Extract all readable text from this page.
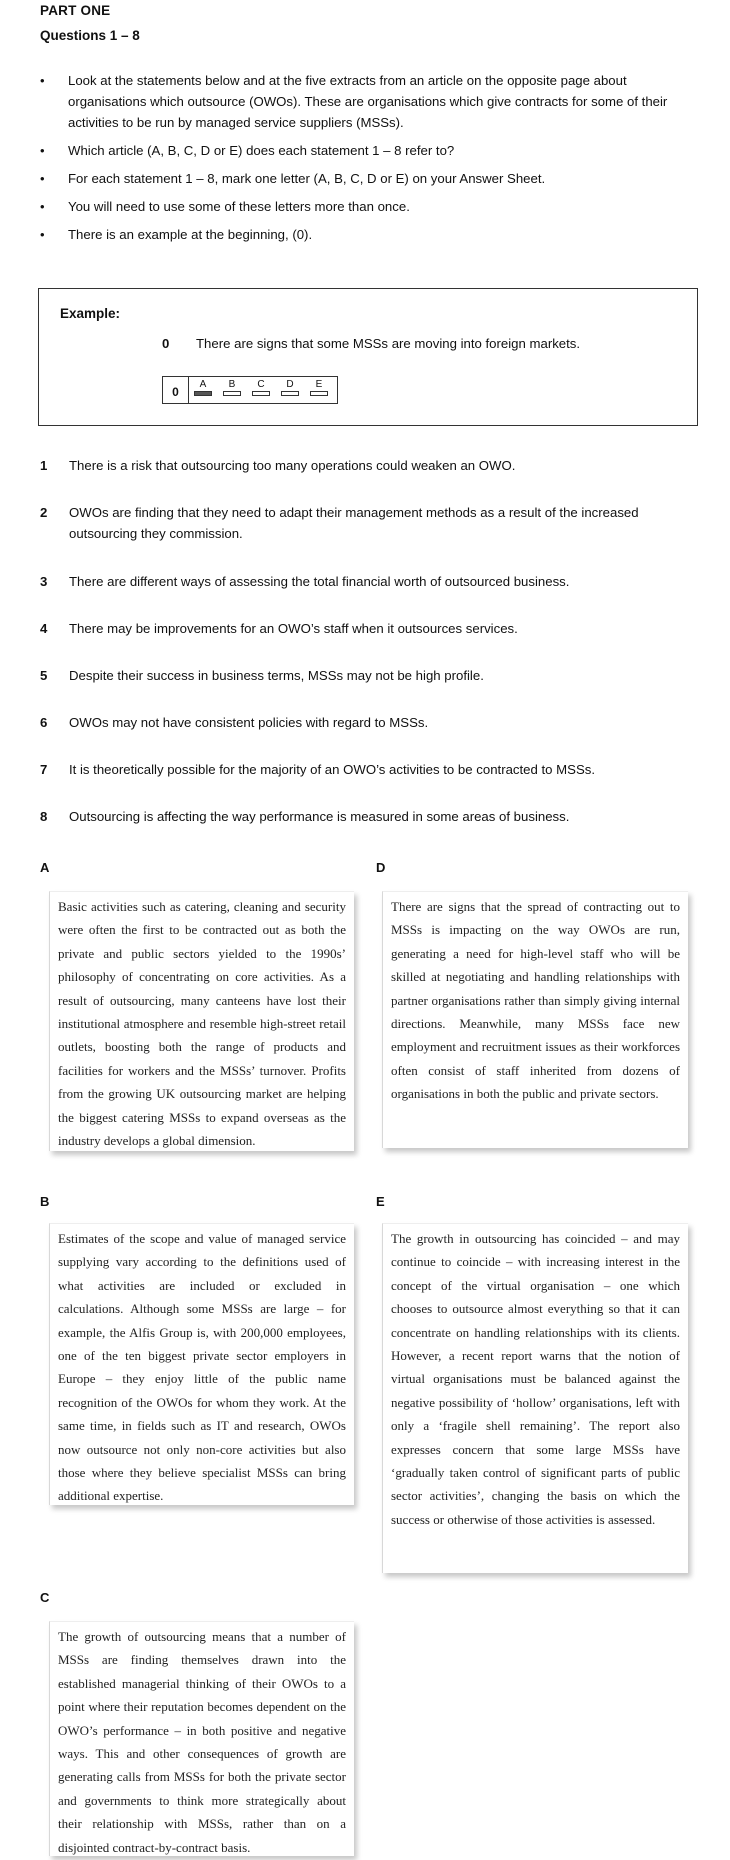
PART ONE
Questions 1 – 8
• Look at the statements below and at the five extracts from an article on the opposite page about organisations which outsource (OWOs). These are organisations which give contracts for some of their activities to be run by managed service suppliers (MSSs).
• Which article (A, B, C, D or E) does each statement 1 – 8 refer to?
• For each statement 1 – 8, mark one letter (A, B, C, D or E) on your Answer Sheet.
• You will need to use some of these letters more than once.
• There is an example at the beginning, (0).
Example:
0 There are signs that some MSSs are moving into foreign markets.
0
A	B	C	D	E
1 There is a risk that outsourcing too many operations could weaken an OWO.
2 OWOs are finding that they need to adapt their management methods as a result of the increased outsourcing they commission.
3 There are different ways of assessing the total financial worth of outsourced business.
4 There may be improvements for an OWO’s staff when it outsources services.
5 Despite their success in business terms, MSSs may not be high profile.
6 OWOs may not have consistent policies with regard to MSSs.
7 It is theoretically possible for the majority of an OWO’s activities to be contracted to MSSs.
8 Outsourcing is affecting the way performance is measured in some areas of business.
A	D
B	E
C
Basic activities such as catering, cleaning and security were often the first to be contracted out as both the private and public sectors yielded to the 1990s’ philosophy of concentrating on core activities. As a result of outsourcing, many canteens have lost their institutional atmosphere and resemble high-street retail outlets, boosting both the range of products and facilities for workers and the MSSs’ turnover. Profits from the growing UK outsourcing market are helping the biggest catering MSSs to expand overseas as the industry develops a global dimension.
There are signs that the spread of contracting out to MSSs is impacting on the way OWOs are run, generating a need for high-level staff who will be skilled at negotiating and handling relationships with partner organisations rather than simply giving internal directions. Meanwhile, many MSSs face new employment and recruitment issues as their workforces often consist of staff inherited from dozens of organisations in both the public and private sectors.
Estimates of the scope and value of managed service supplying vary according to the definitions used of what activities are included or excluded in calculations. Although some MSSs are large – for example, the Alfis Group is, with 200,000 employees, one of the ten biggest private sector employers in Europe – they enjoy little of the public name recognition of the OWOs for whom they work. At the same time, in fields such as IT and research, OWOs now outsource not only non-core activities but also those where they believe specialist MSSs can bring additional expertise.
The growth in outsourcing has coincided – and may continue to coincide – with increasing interest in the concept of the virtual organisation – one which chooses to outsource almost everything so that it can concentrate on handling relationships with its clients. However, a recent report warns that the notion of virtual organisations must be balanced against the negative possibility of ‘hollow’ organisations, left with only a ‘fragile shell remaining’. The report also expresses concern that some large MSSs have ‘gradually taken control of significant parts of public sector activities’, changing the basis on which the success or otherwise of those activities is assessed.
The growth of outsourcing means that a number of MSSs are finding themselves drawn into the established managerial thinking of their OWOs to a point where their reputation becomes dependent on the OWO’s performance – in both positive and negative ways. This and other consequences of growth are generating calls from MSSs for both the private sector and governments to think more strategically about their relationship with MSSs, rather than on a disjointed contract-by-contract basis.
